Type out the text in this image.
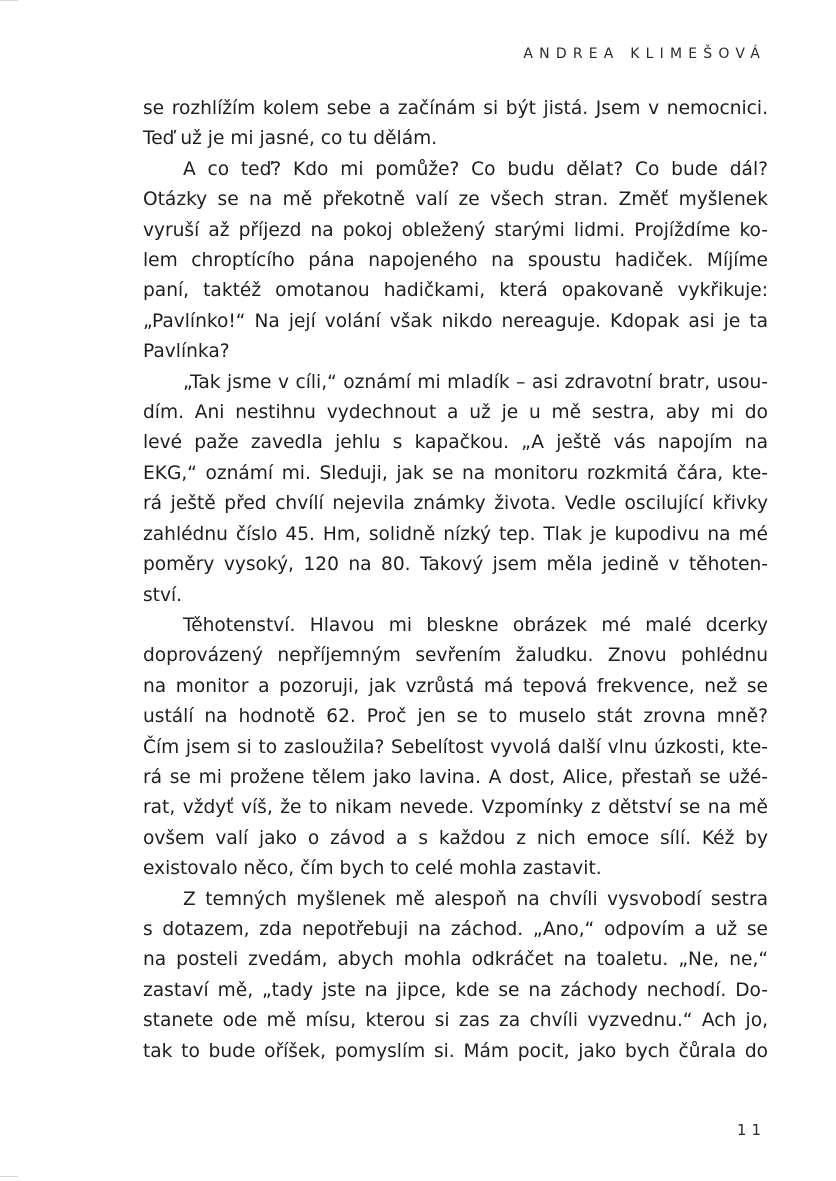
ANDREA KLIMEŠOVÁ
se rozhlížím kolem sebe a začínám si být jistá. Jsem v nemocnici.
Teď už je mi jasné, co tu dělám.
A co teď? Kdo mi pomůže? Co budu dělat? Co bude dál?
Otázky se na mě překotně valí ze všech stran. Změť myšlenek
vyruší až příjezd na pokoj obležený starými lidmi. Projíždíme ko-
lem chroptícího pána napojeného na spoustu hadiček. Míjíme
paní, taktéž omotanou hadičkami, která opakovaně vykřikuje:
„Pavlínko!“ Na její volání však nikdo nereaguje. Kdopak asi je ta
Pavlínka?
„Tak jsme v cíli,“ oznámí mi mladík – asi zdravotní bratr, usou-
dím. Ani nestihnu vydechnout a už je u mě sestra, aby mi do
levé paže zavedla jehlu s kapačkou. „A ještě vás napojím na
EKG,“ oznámí mi. Sleduji, jak se na monitoru rozkmitá čára, kte-
rá ještě před chvílí nejevila známky života. Vedle oscilující křivky
zahlédnu číslo 45. Hm, solidně nízký tep. Tlak je kupodivu na mé
poměry vysoký, 120 na 80. Takový jsem měla jedině v těhoten-
ství.
Těhotenství. Hlavou mi bleskne obrázek mé malé dcerky
doprovázený nepříjemným sevřením žaludku. Znovu pohlédnu
na monitor a pozoruji, jak vzrůstá má tepová frekvence, než se
ustálí na hodnotě 62. Proč jen se to muselo stát zrovna mně?
Čím jsem si to zasloužila? Sebelítost vyvolá další vlnu úzkosti, kte-
rá se mi prožene tělem jako lavina. A dost, Alice, přestaň se užé-
rat, vždyť víš, že to nikam nevede. Vzpomínky z dětství se na mě
ovšem valí jako o závod a s každou z nich emoce sílí. Kéž by
existovalo něco, čím bych to celé mohla zastavit.
Z temných myšlenek mě alespoň na chvíli vysvobodí sestra
s dotazem, zda nepotřebuji na záchod. „Ano,“ odpovím a už se
na posteli zvedám, abych mohla odkráčet na toaletu. „Ne, ne,“
zastaví mě, „tady jste na jipce, kde se na záchody nechodí. Do-
stanete ode mě mísu, kterou si zas za chvíli vyzvednu.“ Ach jo,
tak to bude oříšek, pomyslím si. Mám pocit, jako bych čůrala do
11
